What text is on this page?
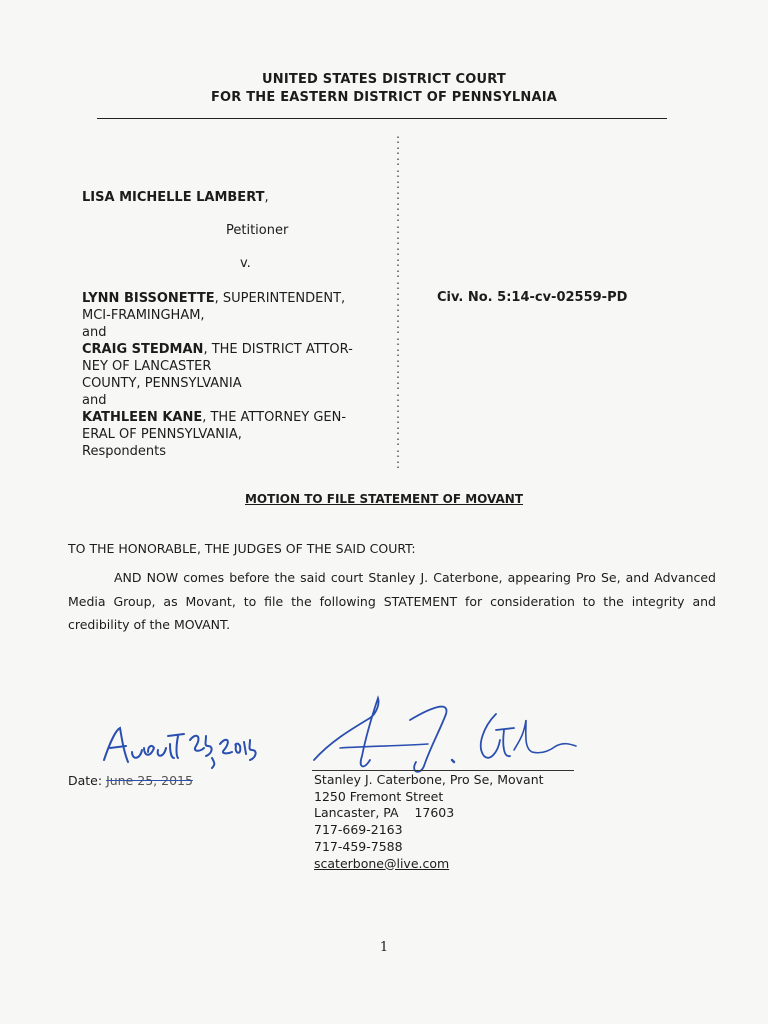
UNITED STATES DISTRICT COURT
FOR THE EASTERN DISTRICT OF PENNSYLNAIA
LISA MICHELLE LAMBERT,
Petitioner
v.
LYNN BISSONETTE, SUPERINTENDENT,
MCI-FRAMINGHAM,
and
CRAIG STEDMAN, THE DISTRICT ATTOR-
NEY OF LANCASTER
COUNTY, PENNSYLVANIA
and
KATHLEEN KANE, THE ATTORNEY GEN-
ERAL OF PENNSYLVANIA,
Respondents
:
:
:
:
:
:
:
:
:
:
:
:
:
:
:
:
:
:
:
:
:
:
:
:
:
:
:
:
:
:

Civ. No. 5:14-cv-02559-PD
MOTION TO FILE STATEMENT OF MOVANT
TO THE HONORABLE, THE JUDGES OF THE SAID COURT:
AND NOW comes before the said court Stanley J. Caterbone, appearing Pro Se, and Advanced Media Group, as Movant, to file the following STATEMENT for consideration to the integrity and credibility of the MOVANT.
Date: June 25, 2015	Stanley J. Caterbone, Pro Se, Movant
1250 Fremont Street
Lancaster, PA    17603
717-669-2163
717-459-7588
scaterbone@live.com
1
